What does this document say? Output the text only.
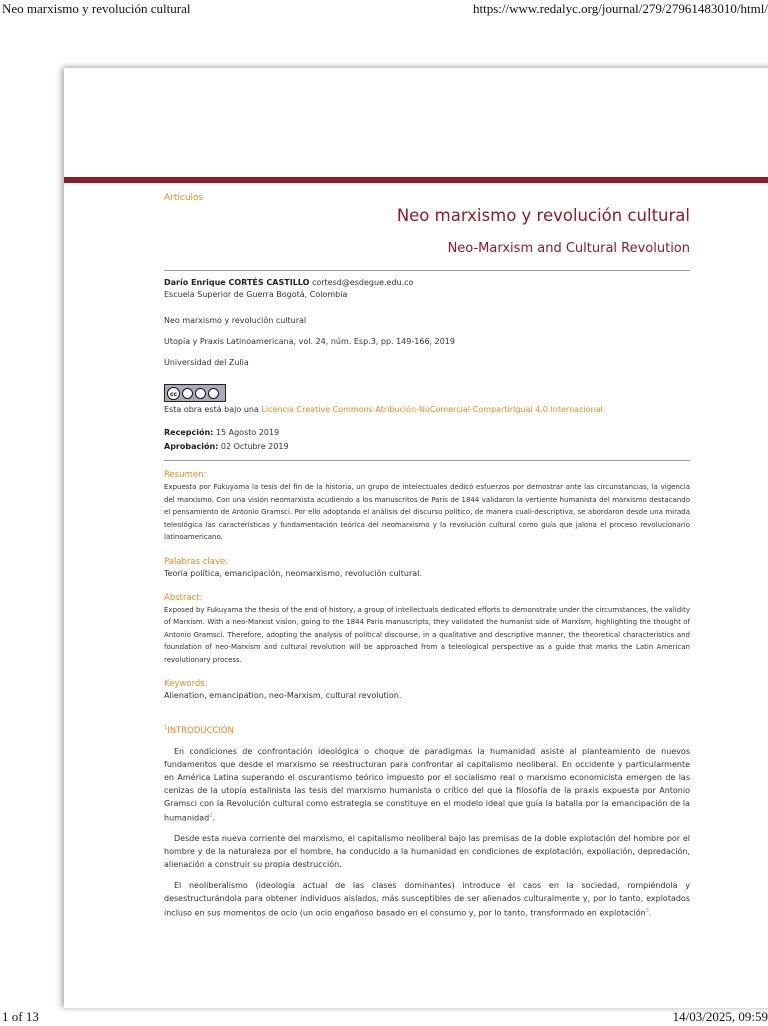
Neo marxismo y revolución cultural	https://www.redalyc.org/journal/279/27961483010/html/
Artículos
Neo marxismo y revolución cultural
Neo-Marxism and Cultural Revolution
Darío Enrique CORTÉS CASTILLO cortesd@esdegue.edu.co
Escuela Superior de Guerra Bogotá, Colombia
Neo marxismo y revolución cultural
Utopía y Praxis Latinoamericana, vol. 24, núm. Esp.3, pp. 149-166, 2019
Universidad del Zulia
cc
Esta obra está bajo una Licencia Creative Commons Atribución-NoComercial-CompartirIgual 4.0 Internacional.
Recepción: 15 Agosto 2019
Aprobación: 02 Octubre 2019
Resumen:
Expuesta por Fukuyama la tesis del fin de la historia, un grupo de intelectuales dedicó esfuerzos por demostrar ante las circunstancias, la vigencia del marxismo. Con una visión neomarxista acudiendo a los manuscritos de París de 1844 validaron la vertiente humanista del marxismo destacando el pensamiento de Antonio Gramsci. Por ello adoptando el análisis del discurso político, de manera cuali-descriptiva, se abordaron desde una mirada teleológica las características y fundamentación teórica del neomarxismo y la revolución cultural como guía que jalona el proceso revolucionario latinoamericano.
Palabras clave:
Teoría política, emancipación, neomarxismo, revolución cultural.
Abstract:
Exposed by Fukuyama the thesis of the end of history, a group of intellectuals dedicated efforts to demonstrate under the circumstances, the validity of Marxism. With a neo-Marxist vision, going to the 1844 Paris manuscripts, they validated the humanist side of Marxism, highlighting the thought of Antonio Gramsci. Therefore, adopting the analysis of political discourse, in a qualitative and descriptive manner, the theoretical characteristics and foundation of neo-Marxism and cultural revolution will be approached from a teleological perspective as a guide that marks the Latin American revolutionary process.
Keywords:
Alienation, emancipation, neo-Marxism, cultural revolution.
$^1$INTRODUCCIÓN
En condiciones de confrontación ideológica o choque de paradigmas la humanidad asiste al planteamiento de nuevos fundamentos que desde el marxismo se reestructuran para confrontar al capitalismo neoliberal. En occidente y particularmente en América Latina superando el oscurantismo teórico impuesto por el socialismo real o marxismo economicista emergen de las cenizas de la utopía estalinista las tesis del marxismo humanista o crítico del que la filosofía de la praxis expuesta por Antonio Gramsci con la Revolución cultural como estrategia se constituye en el modelo ideal que guía la batalla por la emancipación de la humanidad$^2$.
Desde esta nueva corriente del marxismo, el capitalismo neoliberal bajo las premisas de la doble explotación del hombre por el hombre y de la naturaleza por el hombre, ha conducido a la humanidad en condiciones de explotación, expoliación, depredación, alienación a construir su propia destrucción.
El neoliberalismo (ideología actual de las clases dominantes) introduce el caos en la sociedad, rompiéndola y desestructurándola para obtener individuos aislados, más susceptibles de ser alienados culturalmente y, por lo tanto, explotados incluso en sus momentos de ocio (un ocio engañoso basado en el consumo y, por lo tanto, transformado en explotación$^3$.
1 of 13	14/03/2025, 09:59
